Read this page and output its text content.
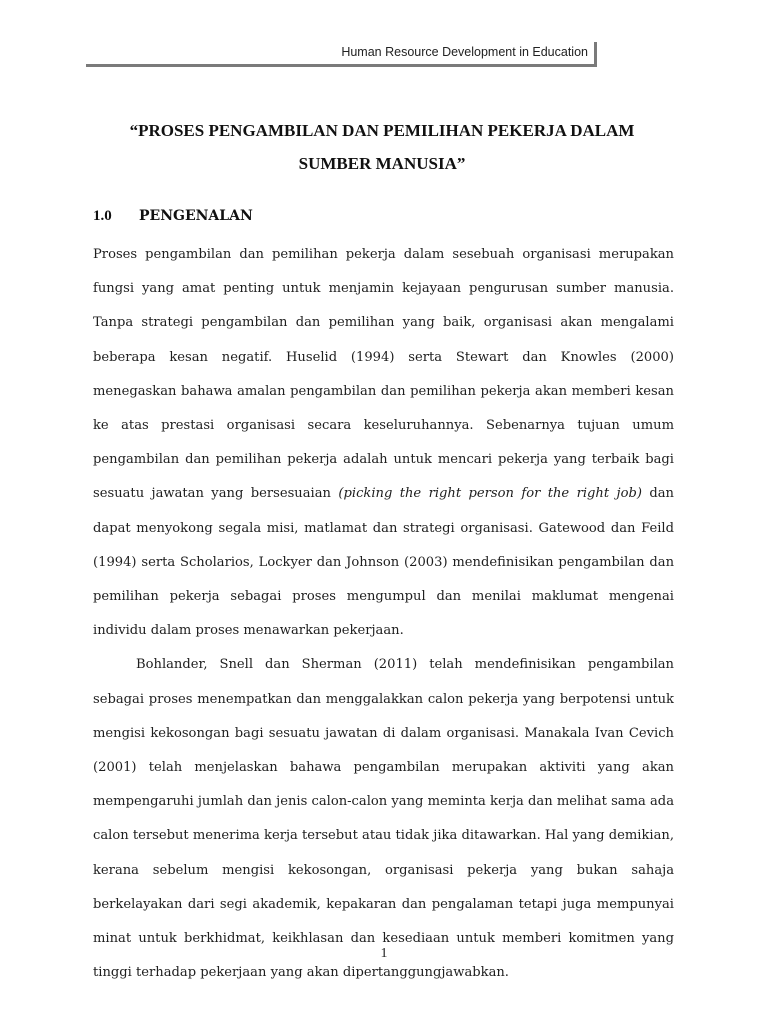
Human Resource Development in Education
“PROSES PENGAMBILAN DAN PEMILIHAN PEKERJA DALAM
SUMBER MANUSIA”
1.0 PENGENALAN

Proses pengambilan dan pemilihan pekerja dalam sesebuah organisasi merupakan fungsi yang amat penting untuk menjamin kejayaan pengurusan sumber manusia. Tanpa strategi pengambilan dan pemilihan yang baik, organisasi akan mengalami beberapa kesan negatif. Huselid (1994) serta Stewart dan Knowles (2000) menegaskan bahawa amalan pengambilan dan pemilihan pekerja akan memberi kesan ke atas prestasi organisasi secara keseluruhannya. Sebenarnya tujuan umum pengambilan dan pemilihan pekerja adalah untuk mencari pekerja yang terbaik bagi sesuatu jawatan yang bersesuaian (picking the right person for the right job) dan dapat menyokong segala misi, matlamat dan strategi organisasi. Gatewood dan Feild (1994) serta Scholarios, Lockyer dan Johnson (2003) mendefinisikan pengambilan dan pemilihan pekerja sebagai proses mengumpul dan menilai maklumat mengenai individu dalam proses menawarkan pekerjaan.

Bohlander, Snell dan Sherman (2011) telah mendefinisikan pengambilan sebagai proses menempatkan dan menggalakkan calon pekerja yang berpotensi untuk mengisi kekosongan bagi sesuatu jawatan di dalam organisasi. Manakala Ivan Cevich (2001) telah menjelaskan bahawa pengambilan merupakan aktiviti yang akan mempengaruhi jumlah dan jenis calon-calon yang meminta kerja dan melihat sama ada calon tersebut menerima kerja tersebut atau tidak jika ditawarkan. Hal yang demikian, kerana sebelum mengisi kekosongan, organisasi pekerja yang bukan sahaja berkelayakan dari segi akademik, kepakaran dan pengalaman tetapi juga mempunyai minat untuk berkhidmat, keikhlasan dan kesediaan untuk memberi komitmen yang tinggi terhadap pekerjaan yang akan dipertanggungjawabkan.

1
